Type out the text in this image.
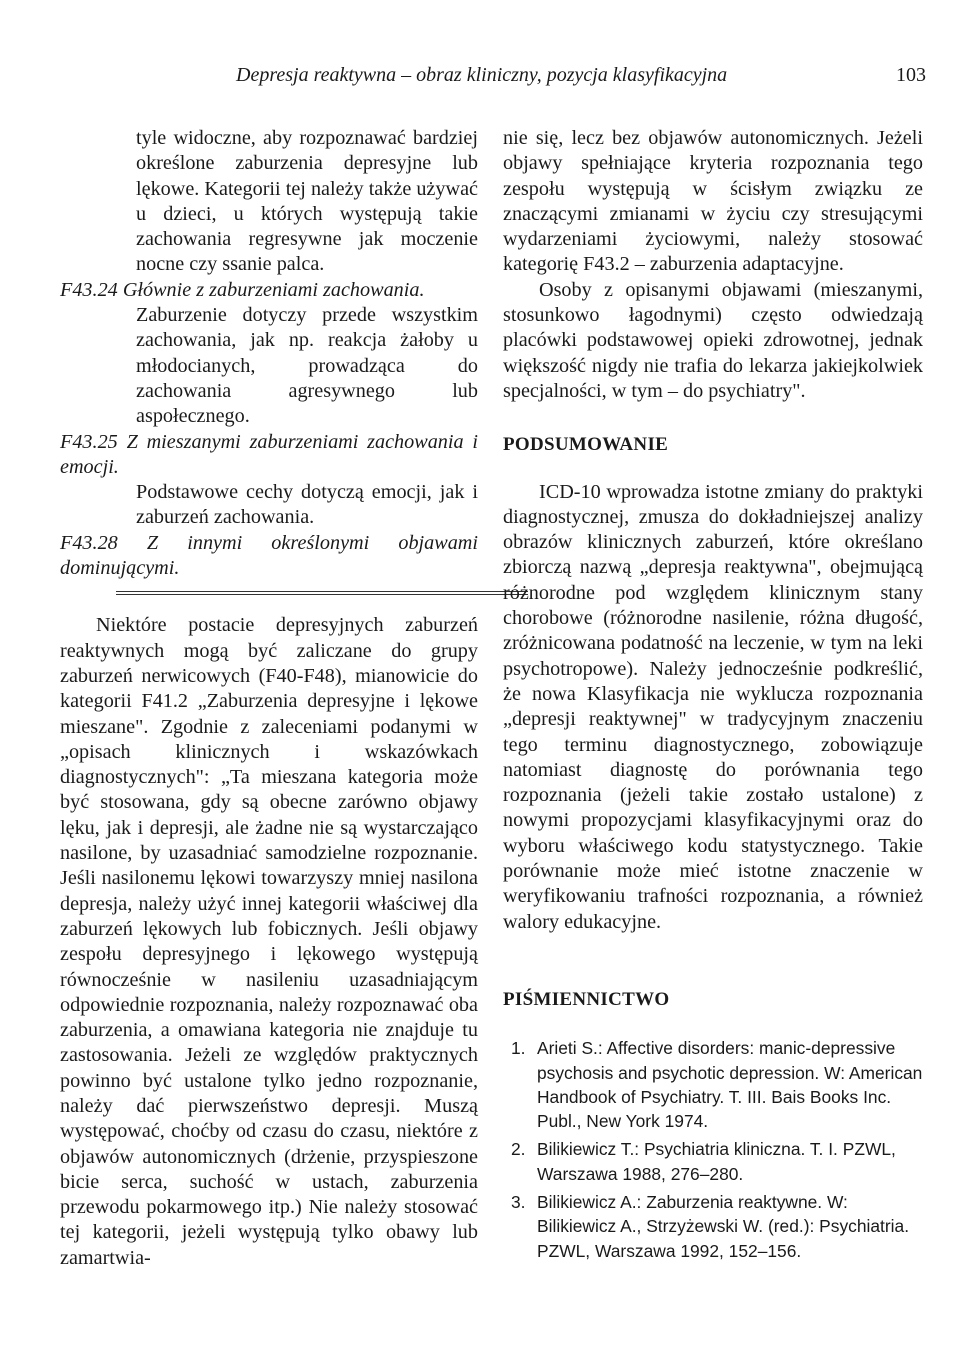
Depresja reaktywna – obraz kliniczny, pozycja klasyfikacyjna	103

tyle widoczne, aby rozpoznawać bardziej określone zaburzenia depresyjne lub lękowe. Kategorii tej należy także używać u dzieci, u których występują takie zachowania regresywne jak moczenie nocne czy ssanie palca.

F43.24 Głównie z zaburzeniami zachowania.

Zaburzenie dotyczy przede wszystkim zachowania, jak np. reakcja żałoby u młodocianych, prowadząca do zachowania agresywnego lub aspołecznego.

F43.25 Z mieszanymi zaburzeniami zachowania i emocji.

Podstawowe cechy dotyczą emocji, jak i zaburzeń zachowania.

F43.28 Z innymi określonymi objawami dominującymi.

Niektóre postacie depresyjnych zaburzeń reaktywnych mogą być zaliczane do grupy zaburzeń nerwicowych (F40-F48), mianowicie do kategorii F41.2 „Zaburzenia depresyjne i lękowe mieszane". Zgodnie z zaleceniami podanymi w „opisach klinicznych i wskazówkach diagnostycznych": „Ta mieszana kategoria może być stosowana, gdy są obecne zarówno objawy lęku, jak i depresji, ale żadne nie są wystarczająco nasilone, by uzasadniać samodzielne rozpoznanie. Jeśli nasilonemu lękowi towarzyszy mniej nasilona depresja, należy użyć innej kategorii właściwej dla zaburzeń lękowych lub fobicznych. Jeśli objawy zespołu depresyjnego i lękowego występują równocześnie w nasileniu uzasadniającym odpowiednie rozpoznania, należy rozpoznawać oba zaburzenia, a omawiana kategoria nie znajduje tu zastosowania. Jeżeli ze względów praktycznych powinno być ustalone tylko jedno rozpoznanie, należy dać pierwszeństwo depresji. Muszą występować, choćby od czasu do czasu, niektóre z objawów autonomicznych (drżenie, przyspieszone bicie serca, suchość w ustach, zaburzenia przewodu pokarmowego itp.) Nie należy stosować tej kategorii, jeżeli występują tylko obawy lub zamartwia-

nie się, lecz bez objawów autonomicznych. Jeżeli objawy spełniające kryteria rozpoznania tego zespołu występują w ścisłym związku ze znaczącymi zmianami w życiu czy stresującymi wydarzeniami życiowymi, należy stosować kategorię F43.2 – zaburzenia adaptacyjne.

Osoby z opisanymi objawami (mieszanymi, stosunkowo łagodnymi) często odwiedzają placówki podstawowej opieki zdrowotnej, jednak większość nigdy nie trafia do lekarza jakiejkolwiek specjalności, w tym – do psychiatry".

PODSUMOWANIE

ICD-10 wprowadza istotne zmiany do praktyki diagnostycznej, zmusza do dokładniejszej analizy obrazów klinicznych zaburzeń, które określano zbiorczą nazwą „depresja reaktywna", obejmującą różnorodne pod względem klinicznym stany chorobowe (różnorodne nasilenie, różna długość, zróżnicowana podatność na leczenie, w tym na leki psychotropowe). Należy jednocześnie podkreślić, że nowa Klasyfikacja nie wyklucza rozpoznania „depresji reaktywnej" w tradycyjnym znaczeniu tego terminu diagnostycznego, zobowiązuje natomiast diagnostę do porównania tego rozpoznania (jeżeli takie zostało ustalone) z nowymi propozycjami klasyfikacyjnymi oraz do wyboru właściwego kodu statystycznego. Takie porównanie może mieć istotne znaczenie w weryfikowaniu trafności rozpoznania, a również walory edukacyjne.

PIŚMIENNICTWO

1. Arieti S.: Affective disorders: manic-depressive psychosis and psychotic depression. W: American Handbook of Psychiatry. T. III. Bais Books Inc. Publ., New York 1974.
2. Bilikiewicz T.: Psychiatria kliniczna. T. I. PZWL, Warszawa 1988, 276–280.
3. Bilikiewicz A.: Zaburzenia reaktywne. W: Bilikiewicz A., Strzyżewski W. (red.): Psychiatria. PZWL, Warszawa 1992, 152–156.
